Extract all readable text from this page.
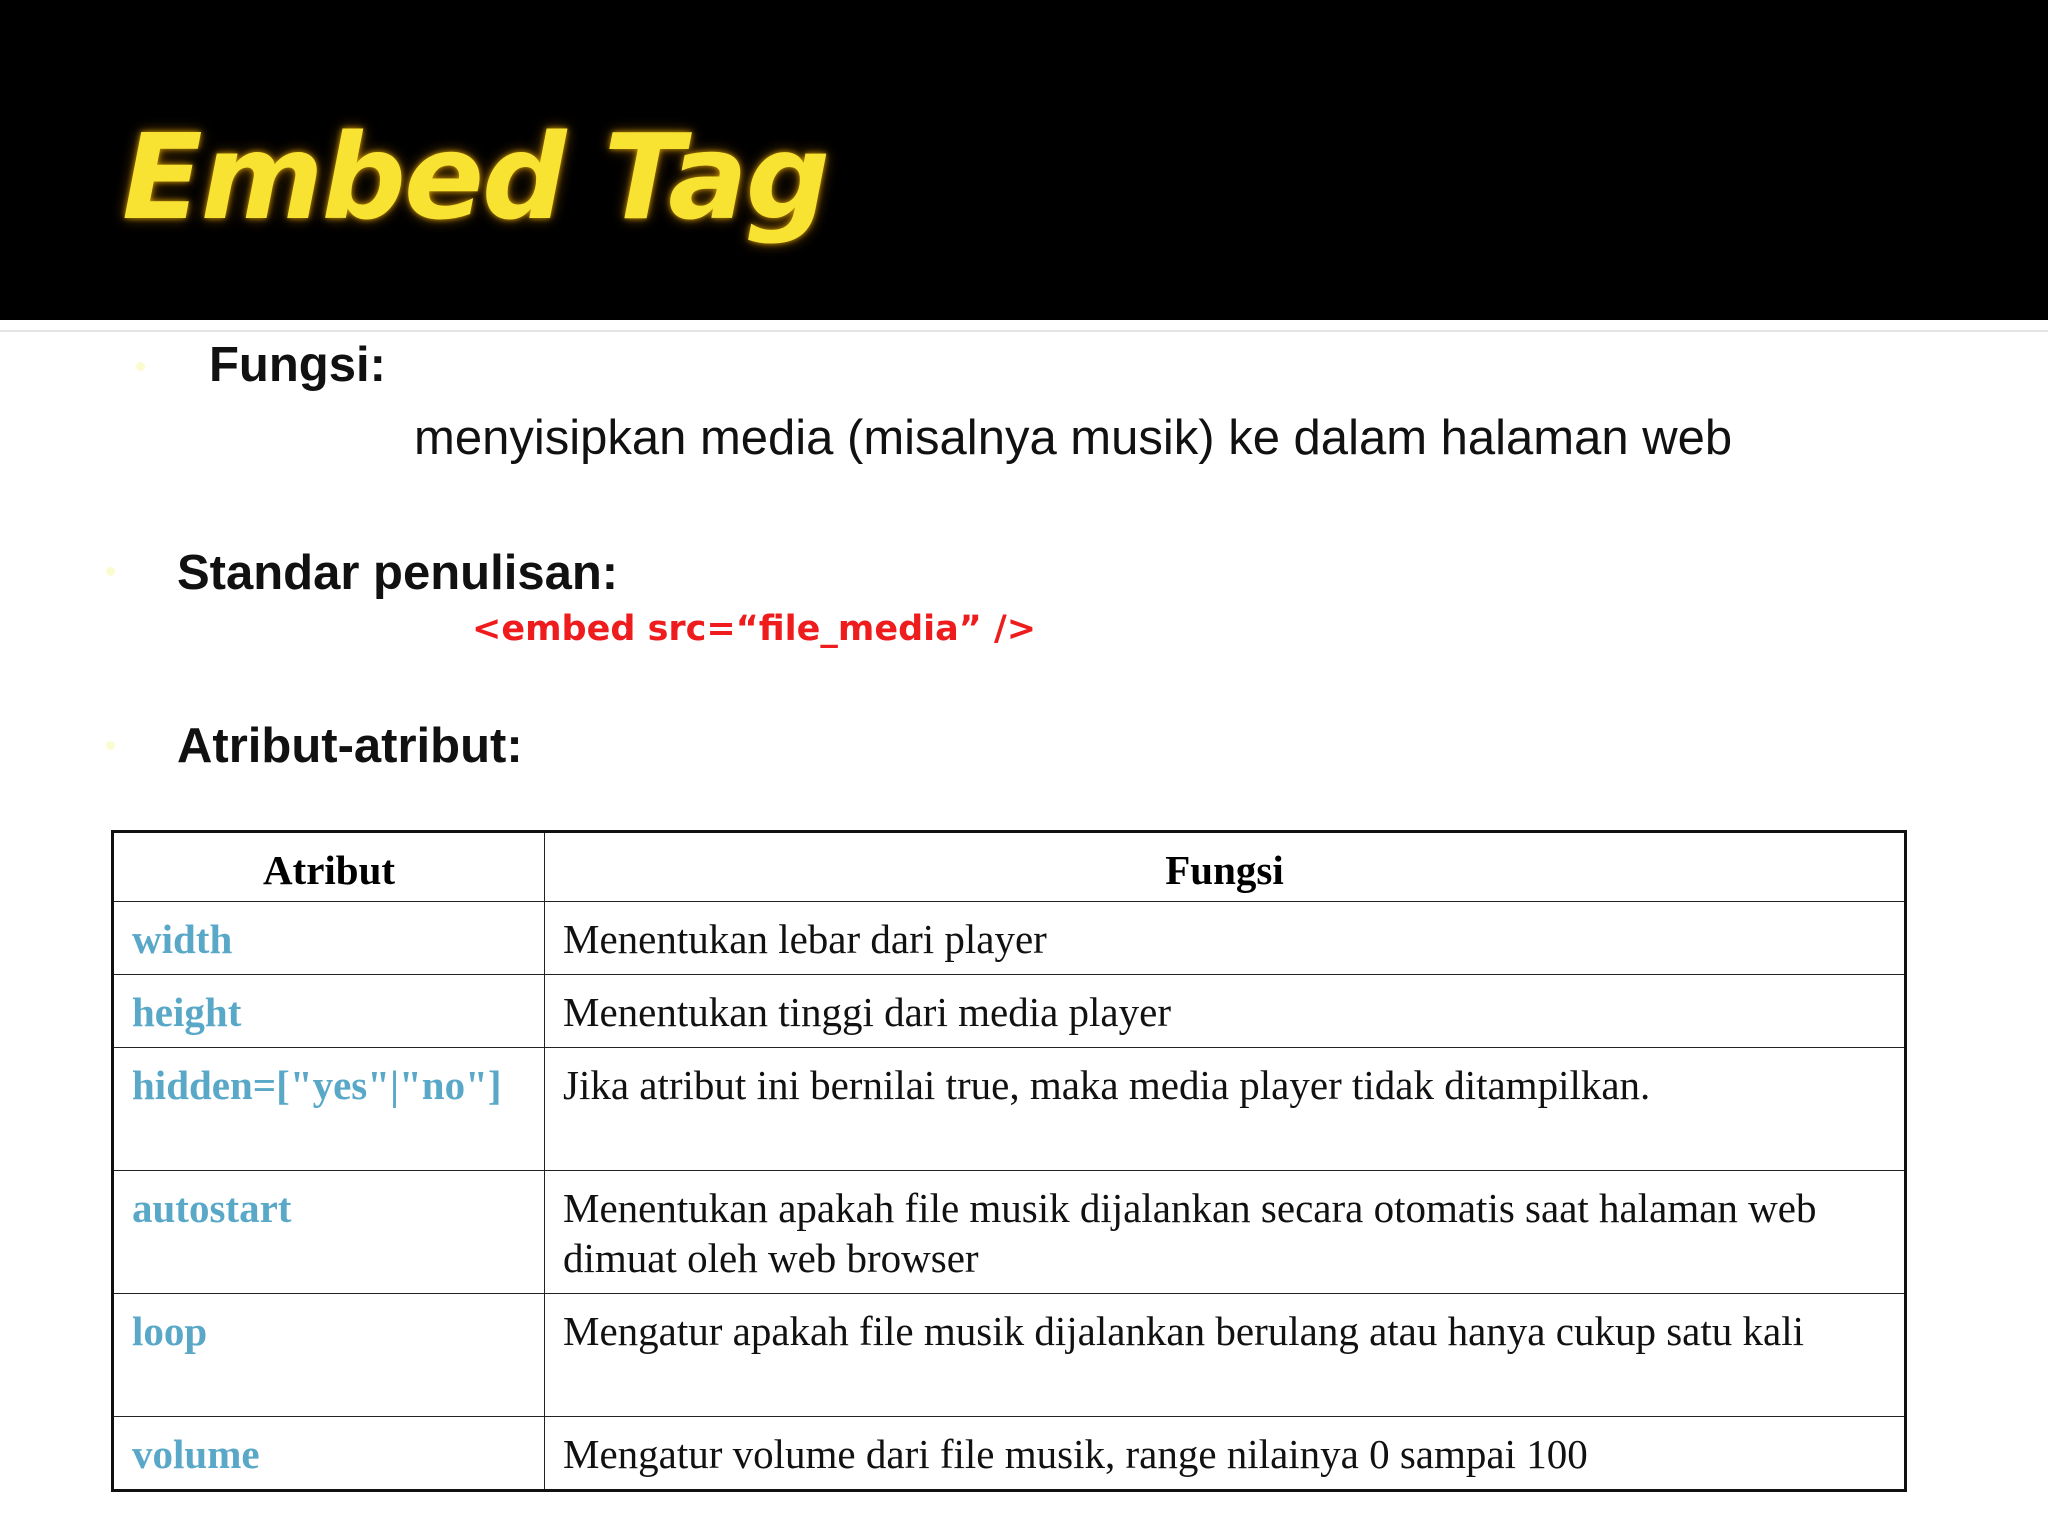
Embed Tag
Fungsi:
menyisipkan media (misalnya musik) ke dalam halaman web
Standar penulisan:
<embed src=“file_media” />
Atribut-atribut:
Atribut	Fungsi
width	Menentukan lebar dari player
height	Menentukan tinggi dari media player
hidden=["yes"|"no"]	Jika atribut ini bernilai true, maka media player tidak ditampilkan.
autostart	Menentukan apakah file musik dijalankan secara otomatis saat halaman web dimuat oleh web browser
loop	Mengatur apakah file musik dijalankan berulang atau hanya cukup satu kali
volume	Mengatur volume dari file musik, range nilainya 0 sampai 100
